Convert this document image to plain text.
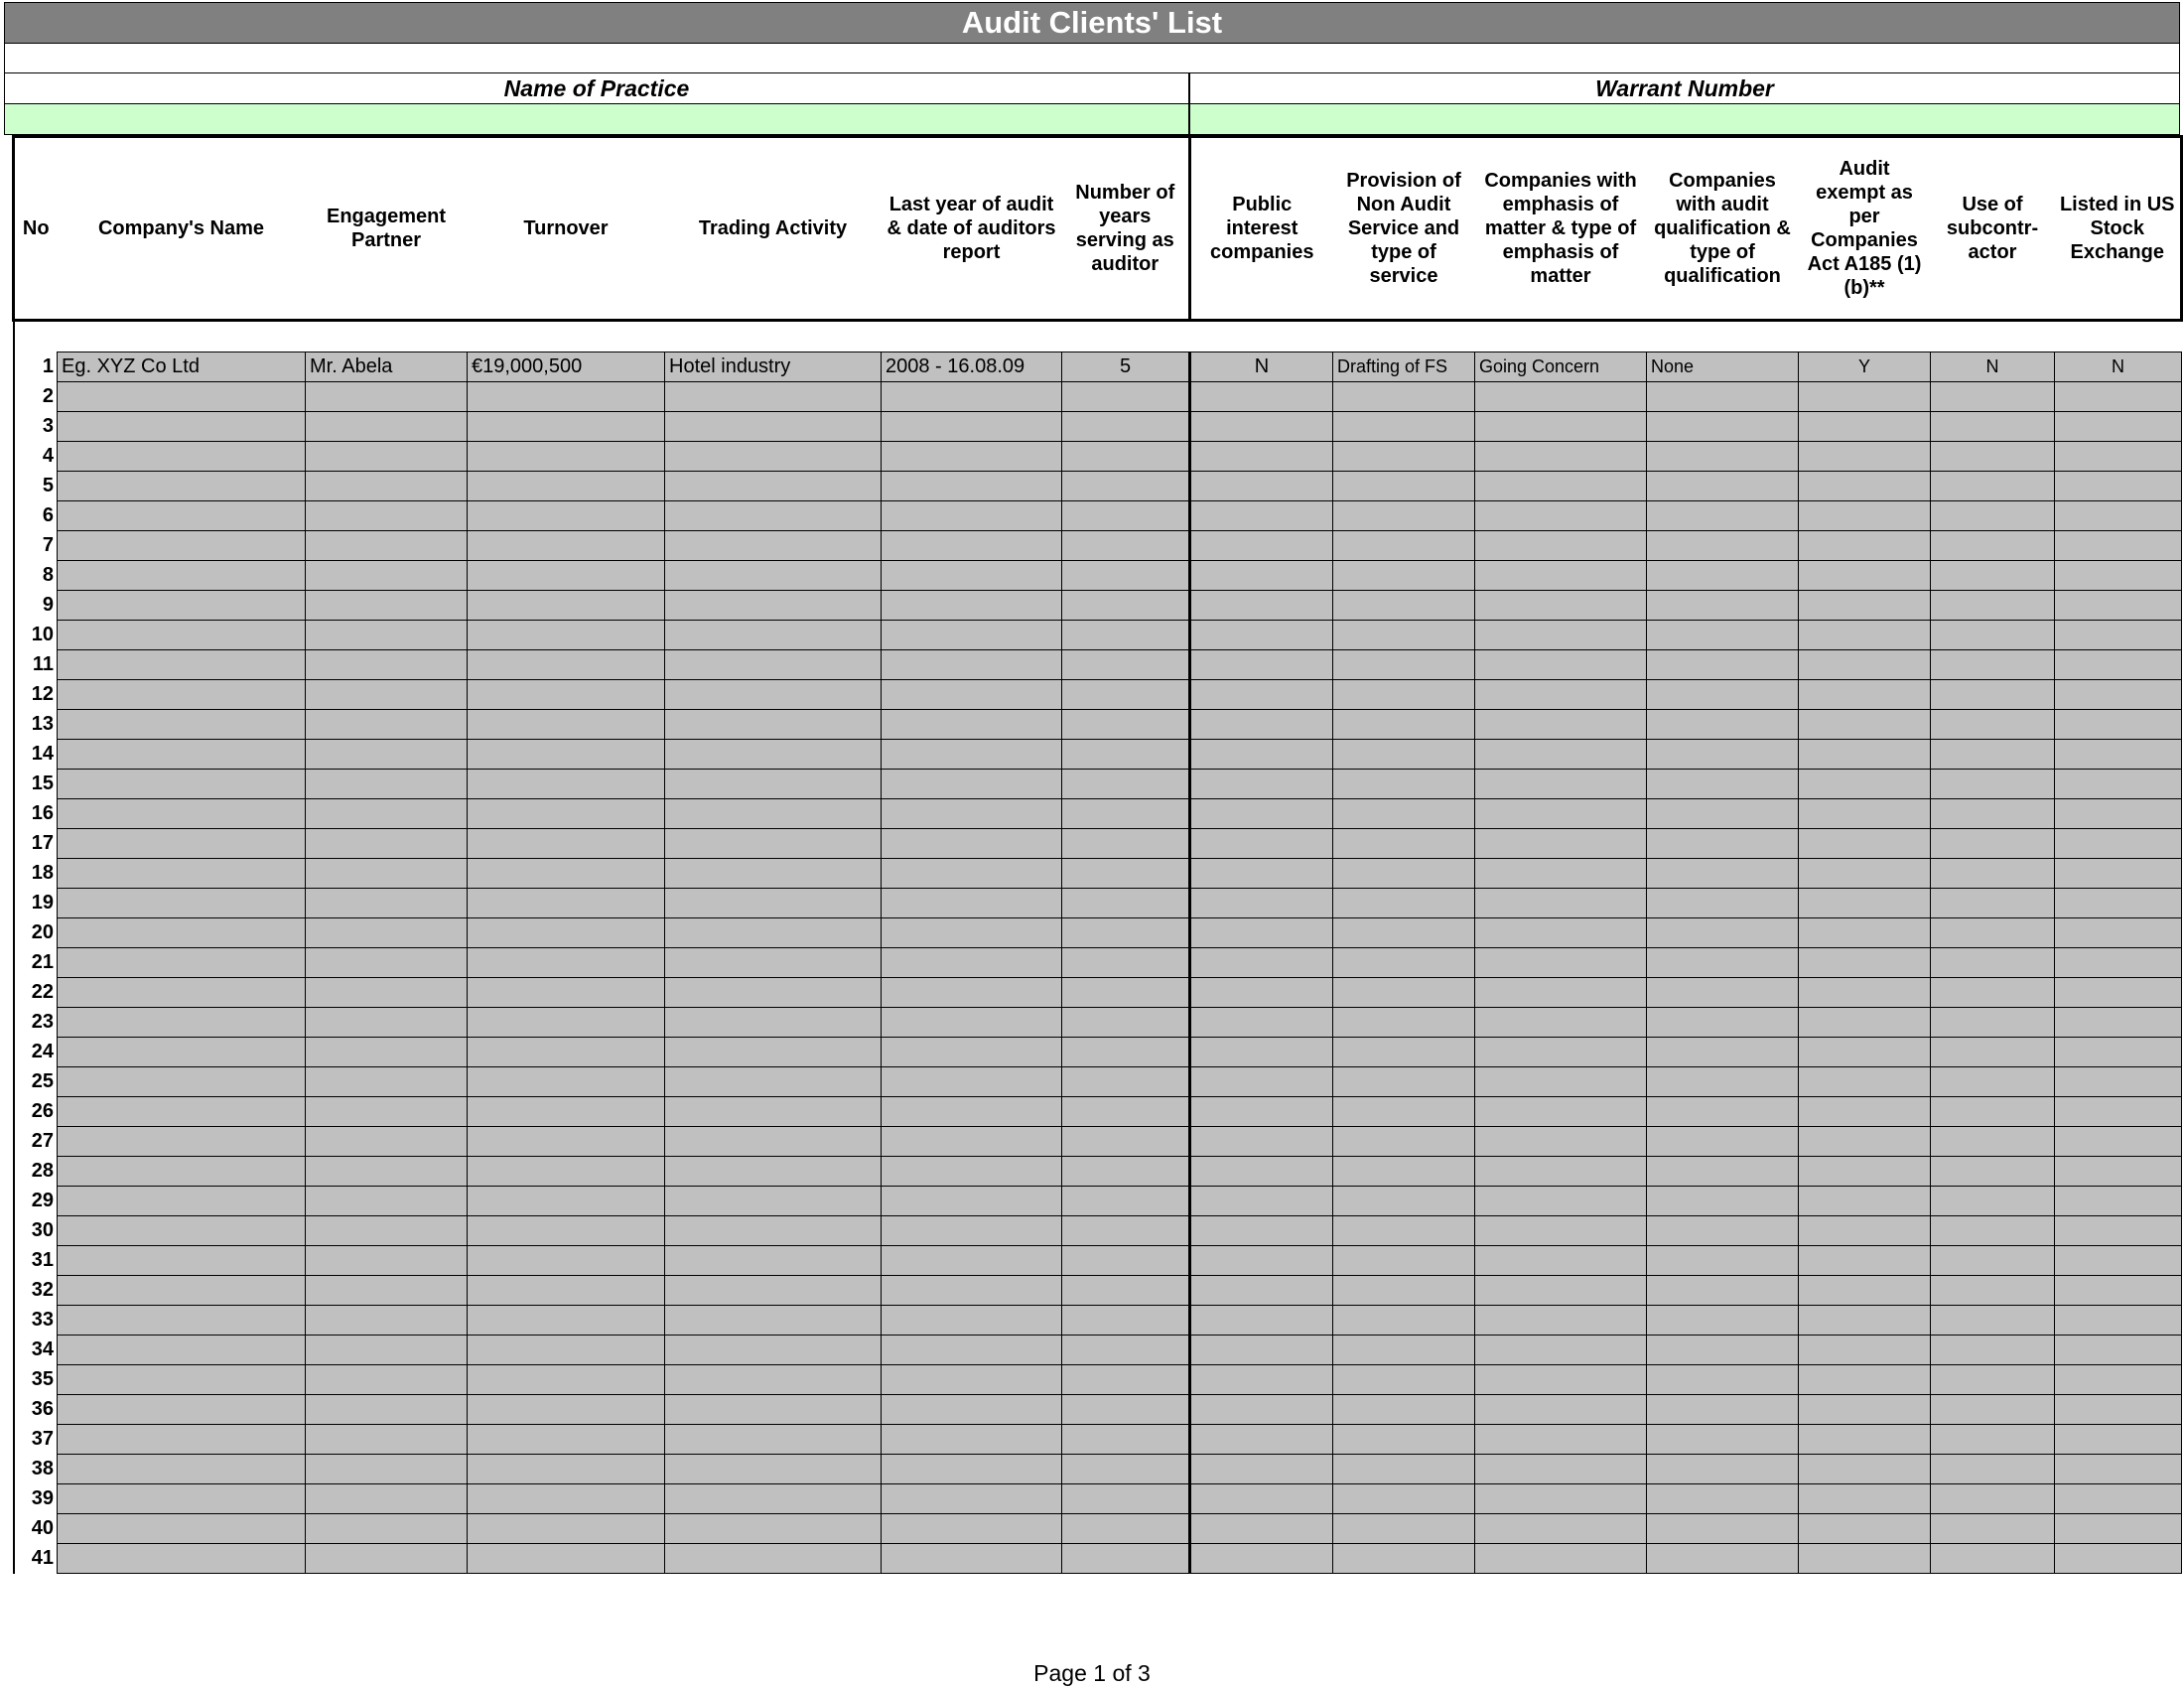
Audit Clients' List
Name of Practice	Warrant Number
No	Company's Name	Engagement Partner	Turnover	Trading Activity	Last year of audit & date of auditors report	Number of years serving as auditor	Public interest companies	Provision of Non Audit Service and type of service	Companies with emphasis of matter & type of emphasis of matter	Companies with audit qualification & type of qualification	Audit exempt as per Companies Act A185 (1) (b)**	Use of subcontr-actor	Listed in US Stock Exchange

1	Eg. XYZ Co Ltd	Mr. Abela	€19,000,500	Hotel industry	2008 - 16.08.09	5	N	Drafting of FS	Going Concern	None	Y	N	N
2													
3													
4													
5													
6													
7													
8													
9													
10													
11													
12													
13													
14													
15													
16													
17													
18													
19													
20													
21													
22													
23													
24													
25													
26													
27													
28													
29													
30													
31													
32													
33													
34													
35													
36													
37													
38													
39													
40													
41													
Page 1 of 3
